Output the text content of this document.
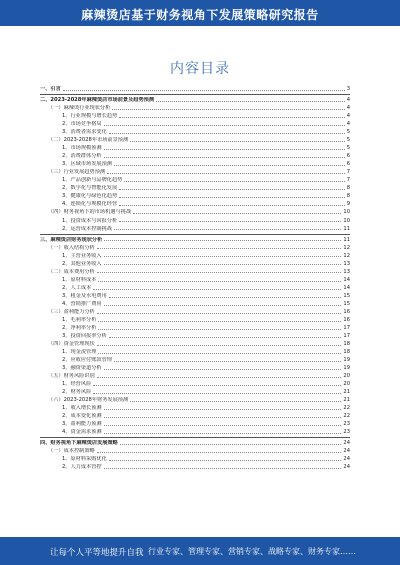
麻辣烫店基于财务视角下发展策略研究报告
内容目录
一、引言	3
二、2023-2028年麻辣烫店市场前景及趋势预测	4
（一）麻辣烫行业现状分析	4
1、行业规模与增长趋势	4
2、市场竞争格局	4
3、消费者需求变化	5
（二）2023-2028年市场前景预测	5
1、市场规模预测	5
2、消费群体分析	6
3、区域市场发展预测	6
（三）行业发展趋势预测	7
1、产品创新与品牌化趋势	7
2、数字化与智能化发展	8
3、健康化与绿色化趋势	8
4、连锁化与规模化经营	9
（四）财务视角下的市场机遇与挑战	10
1、投资成本与回报分析	10
2、运营成本控制挑战	11
三、麻辣烫店财务现状分析	11
（一）收入结构分析	12
1、主营业务收入	12
2、其他业务收入	13
（二）成本费用分析	13
1、原材料成本	14
2、人工成本	14
3、租金及水电费用	15
4、营销推广费用	15
（三）盈利能力分析	16
1、毛利率分析	16
2、净利率分析	17
3、投资回报率分析	17
（四）资金管理现状	18
1、现金流管理	18
2、应收应付账款管理	19
3、融资渠道分析	19
（五）财务风险识别	20
1、经营风险	20
2、财务风险	21
（六）2023-2028年财务发展预测	21
1、收入增长预测	22
2、成本变化预测	22
3、盈利能力预测	23
4、资金需求预测	23
四、财务视角下麻辣烫店发展策略	24
（一）成本控制策略	24
1、原材料采购优化	24
2、人力成本管控	24
让每个人平等地提升自我 行业专家、管理专家、营销专家、战略专家、财务专家……
